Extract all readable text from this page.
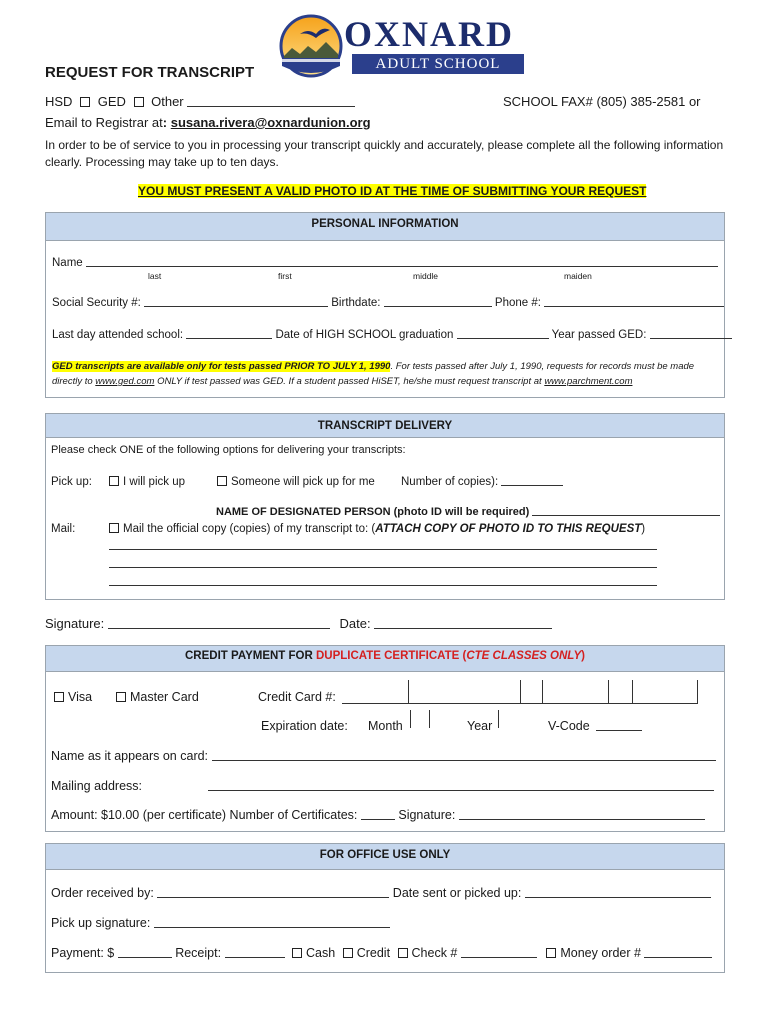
OXNARD
ADULT SCHOOL
REQUEST FOR TRANSCRIPT
HSD GED Other	SCHOOL FAX# (805) 385-2581 or
Email to Registrar at: susana.rivera@oxnardunion.org
In order to be of service to you in processing your transcript quickly and accurately, please complete all the following information clearly. Processing may take up to ten days.
YOU MUST PRESENT A VALID PHOTO ID AT THE TIME OF SUBMITTING YOUR REQUEST
PERSONAL INFORMATION
Name
last	first	middle	maiden
Social Security #:	Birthdate:	Phone #:
Last day attended school:	Date of HIGH SCHOOL graduation	Year passed GED:
GED transcripts are available only for tests passed PRIOR TO JULY 1, 1990. For tests passed after July 1, 1990, requests for records must be made
directly to www.ged.com ONLY if test passed was GED. If a student passed HiSET, he/she must request transcript at www.parchment.com
TRANSCRIPT DELIVERY
Please check ONE of the following options for delivering your transcripts:
Pick up:	I will pick up	Someone will pick up for me Number of copies):
NAME OF DESIGNATED PERSON (photo ID will be required)
Mail:	Mail the official copy (copies) of my transcript to: (ATTACH COPY OF PHOTO ID TO THIS REQUEST)
Signature:	Date:
CREDIT PAYMENT FOR DUPLICATE CERTIFICATE (CTE CLASSES ONLY)
Visa	Master Card	Credit Card #:
Expiration date: Month	Year	V-Code
Name as it appears on card:
Mailing address:
Amount: $10.00 (per certificate) Number of Certificates:	Signature:
FOR OFFICE USE ONLY
Order received by:	Date sent or picked up:
Pick up signature:
Payment: $	Receipt:	Cash Credit Check #	Money order #
